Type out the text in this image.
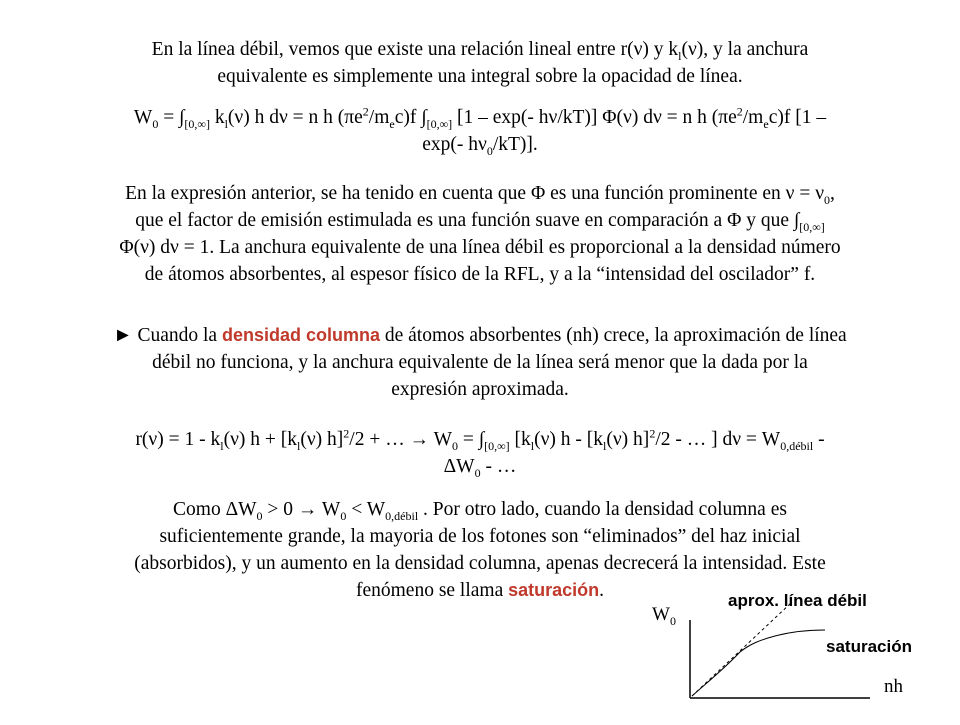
En la línea débil, vemos que existe una relación lineal entre r(ν) y $k_l(\nu)$, y la anchura
equivalente es simplemente una integral sobre la opacidad de línea.

$W_0 = \int_{[0,\infty]}$ $k_l(\nu)$ h dν = n h $(\pi e^2/m_ec)f$ $\int_{[0,\infty]}$ [1 – exp(- hν/kT)] Φ(ν) dν = n h $(\pi e^2/m_ec)f$ [1 –
exp(- $h\nu_0/kT$)].

En la expresión anterior, se ha tenido en cuenta que Φ es una función prominente en $\nu = \nu_0$,
que el factor de emisión estimulada es una función suave en comparación a Φ y que $\int_{[0,\infty]}$
Φ(ν) dν = 1. La anchura equivalente de una línea débil es proporcional a la densidad número
de átomos absorbentes, al espesor físico de la RFL, y a la “intensidad del oscilador” f.

► Cuando la densidad columna de átomos absorbentes (nh) crece, la aproximación de línea
débil no funciona, y la anchura equivalente de la línea será menor que la dada por la
expresión aproximada.

$r(\nu) = 1 - k_l(\nu) h + [k_l(\nu) h]^2/2$ + … → $W_0 = \int_{[0,\infty]}$ [$k_l(\nu)$ h - [$k_l(\nu)$ h]$^2$/2 - … ] $d\nu = W_{0,débil}$ -
$\Delta W_0$ - …

Como $\Delta W_0 > 0 \to W_0 < W_{0,débil}$ . Por otro lado, cuando la densidad columna es
suficientemente grande, la mayoria de los fotones son “eliminados” del haz inicial
(absorbidos), y un aumento en la densidad columna, apenas decrecerá la intensidad. Este
fenómeno se llama saturación.	aprox. línea débil
saturación
$W_0$
nh
